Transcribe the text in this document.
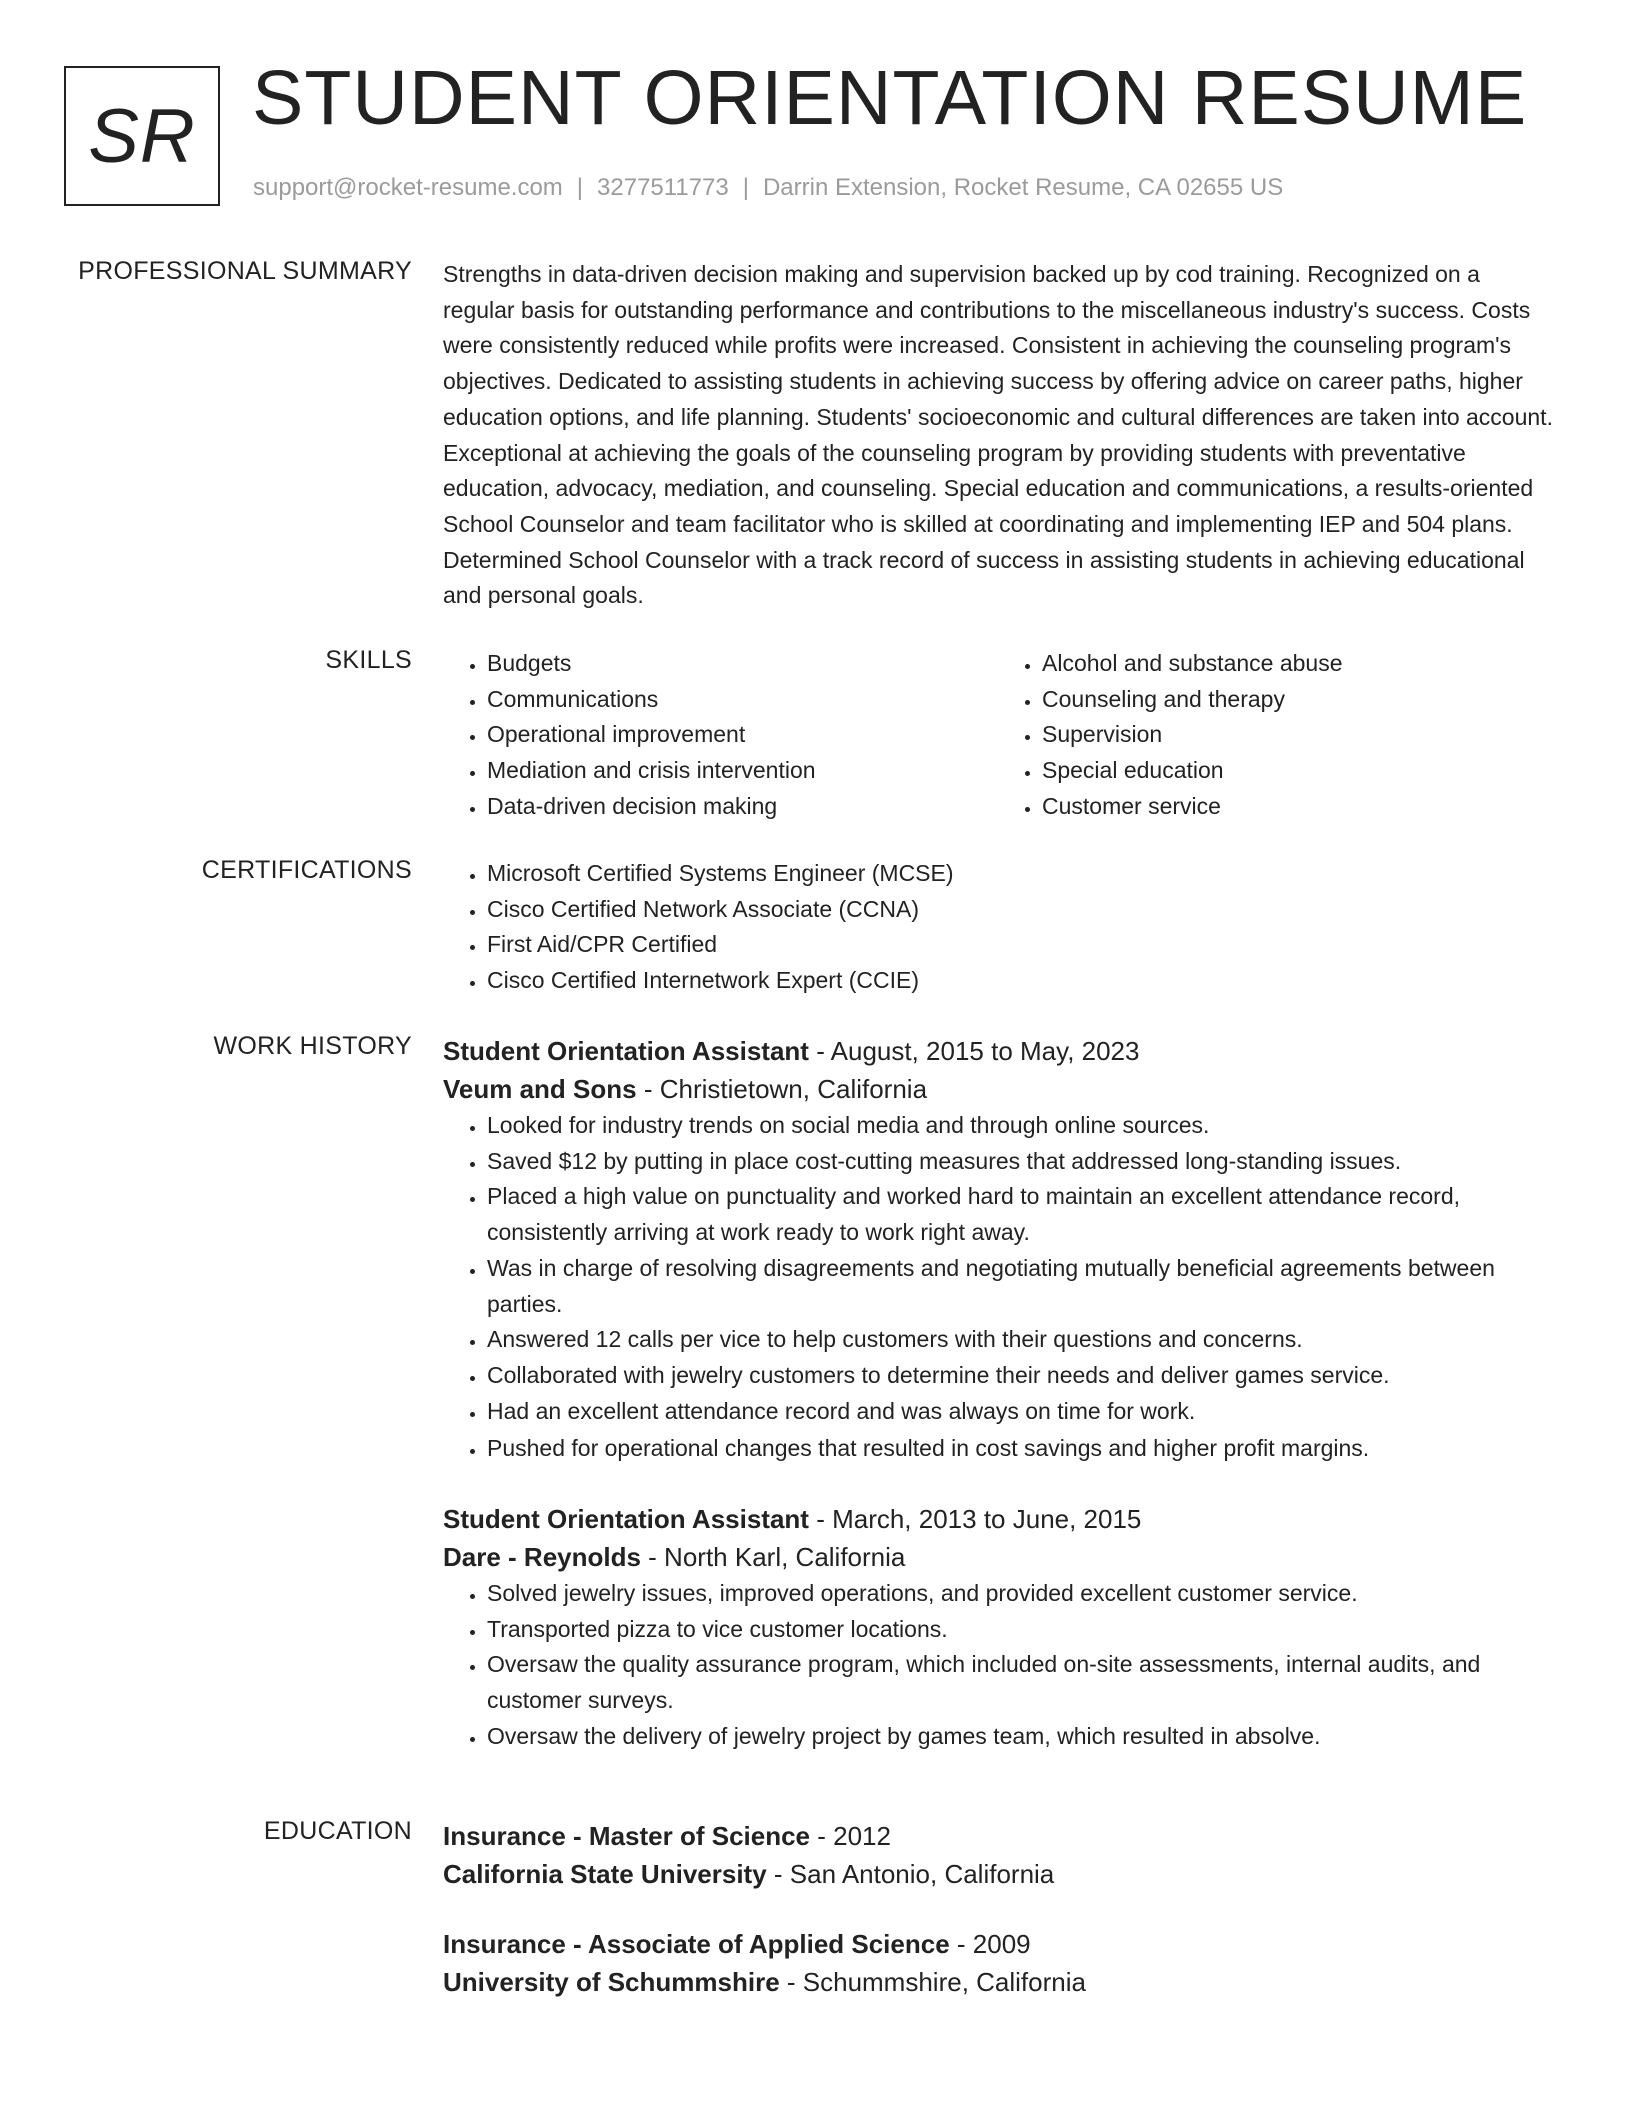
SR STUDENT ORIENTATION RESUME
support@rocket-resume.com | 3277511773 | Darrin Extension, Rocket Resume, CA 02655 US
PROFESSIONAL SUMMARY Strengths in data-driven decision making and supervision backed up by cod training. Recognized on a regular basis for outstanding performance and contributions to the miscellaneous industry's success. Costs were consistently reduced while profits were increased. Consistent in achieving the counseling program's objectives. Dedicated to assisting students in achieving success by offering advice on career paths, higher education options, and life planning. Students' socioeconomic and cultural differences are taken into account. Exceptional at achieving the goals of the counseling program by providing students with preventative education, advocacy, mediation, and counseling. Special education and communications, a results-oriented School Counselor and team facilitator who is skilled at coordinating and implementing IEP and 504 plans. Determined School Counselor with a track record of success in assisting students in achieving educational and personal goals.

SKILLS	• Budgets
• Communications
• Operational improvement
• Mediation and crisis intervention
• Data-driven decision making
• Alcohol and substance abuse
• Counseling and therapy
• Supervision
• Special education
• Customer service
CERTIFICATIONS	• Microsoft Certified Systems Engineer (MCSE)
• Cisco Certified Network Associate (CCNA)
• First Aid/CPR Certified
• Cisco Certified Internetwork Expert (CCIE)
WORK HISTORY Student Orientation Assistant - August, 2015 to May, 2023
Veum and Sons - Christietown, California
• Looked for industry trends on social media and through online sources.
• Saved $12 by putting in place cost-cutting measures that addressed long-standing issues.
• Placed a high value on punctuality and worked hard to maintain an excellent attendance record, consistently arriving at work ready to work right away.
• Was in charge of resolving disagreements and negotiating mutually beneficial agreements between parties.
• Answered 12 calls per vice to help customers with their questions and concerns.
• Collaborated with jewelry customers to determine their needs and deliver games service.
• Had an excellent attendance record and was always on time for work.
• Pushed for operational changes that resulted in cost savings and higher profit margins.
Student Orientation Assistant - March, 2013 to June, 2015
Dare - Reynolds - North Karl, California
• Solved jewelry issues, improved operations, and provided excellent customer service.
• Transported pizza to vice customer locations.
• Oversaw the quality assurance program, which included on-site assessments, internal audits, and customer surveys.
• Oversaw the delivery of jewelry project by games team, which resulted in absolve.
EDUCATION Insurance - Master of Science - 2012
California State University - San Antonio, California
Insurance - Associate of Applied Science - 2009
University of Schummshire - Schummshire, California
